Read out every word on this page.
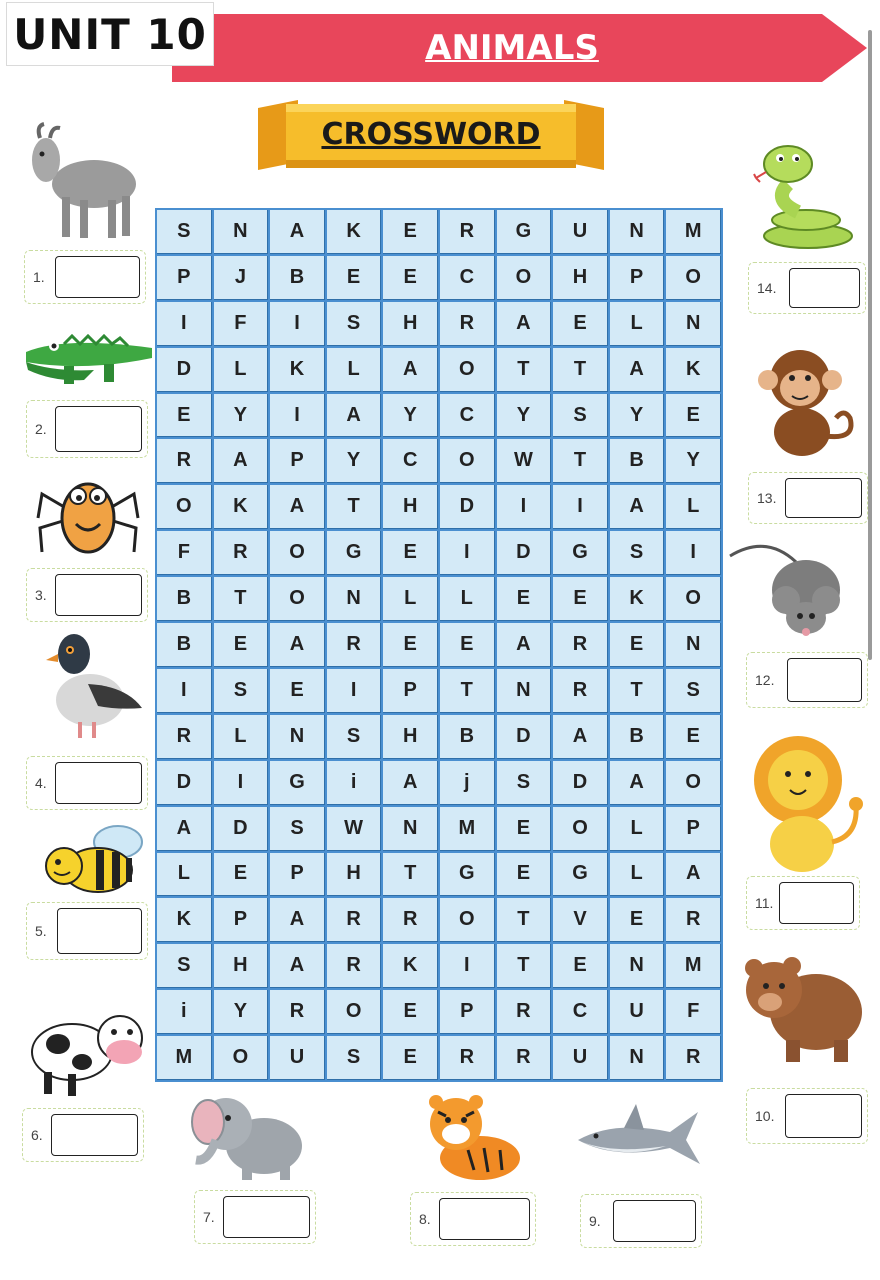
UNIT 10	ANIMALS
CROSSWORD
S	N	A	K	E	R	G	U	N	M
P	J	B	E	E	C	O	H	P	O
I	F	I	S	H	R	A	E	L	N
D	L	K	L	A	O	T	T	A	K
E	Y	I	A	Y	C	Y	S	Y	E
R	A	P	Y	C	O	W	T	B	Y
O	K	A	T	H	D	I	I	A	L
F	R	O	G	E	I	D	G	S	I
B	T	O	N	L	L	E	E	K	O
B	E	A	R	E	E	A	R	E	N
I	S	E	I	P	T	N	R	T	S
R	L	N	S	H	B	D	A	B	E
D	I	G	i	A	j	S	D	A	O
A	D	S	W	N	M	E	O	L	P
L	E	P	H	T	G	E	G	L	A
K	P	A	R	R	O	T	V	E	R
S	H	A	R	K	I	T	E	N	M
i	Y	R	O	E	P	R	C	U	F
M	O	U	S	E	R	R	U	N	R
1.
2.
3.
4.
5.
6.
7.	8.	9.
10.
11.
12.
13.
14.
